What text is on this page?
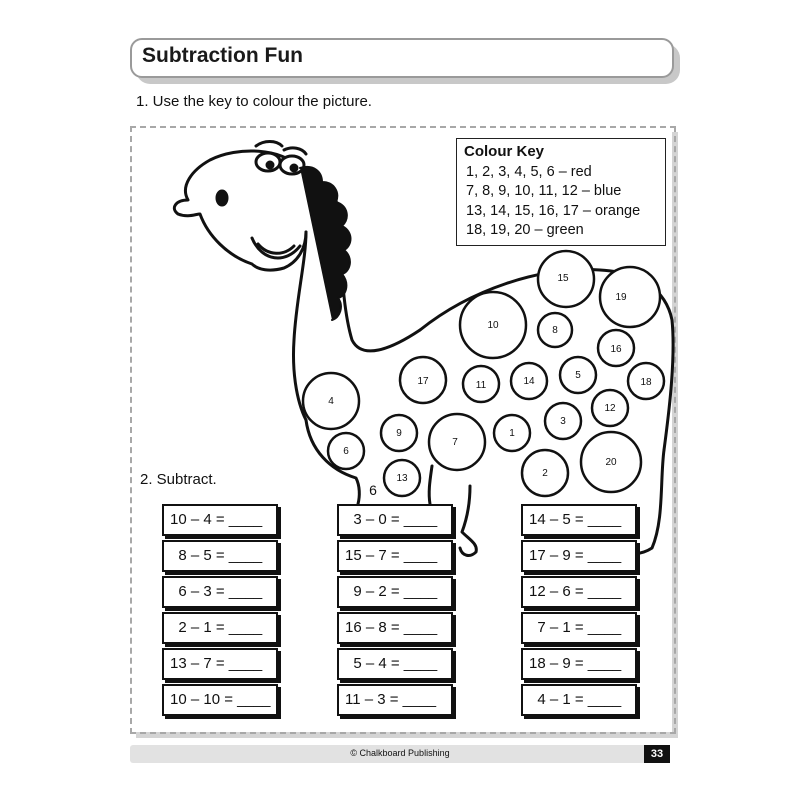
Subtraction Fun
1. Use the key to colour the picture.
15
19
10	8
16
17	11	14
5
18
4
12
9
3
1
7
6
20
2
13
6
Colour Key
1, 2, 3, 4, 5, 6 – red
7, 8, 9, 10, 11, 12 – blue
13, 14, 15, 16, 17 – orange
18, 19, 20 – green
2. Subtract.
10 – 4 = ____
8 – 5 = ____
6 – 3 = ____
2 – 1 = ____
13 – 7 = ____
10 – 10 = ____
3 – 0 = ____
15 – 7 = ____
9 – 2 = ____
16 – 8 = ____
5 – 4 = ____
11 – 3 = ____
14 – 5 = ____
17 – 9 = ____
12 – 6 = ____
7 – 1 = ____
18 – 9 = ____
4 – 1 = ____
© Chalkboard Publishing	33
